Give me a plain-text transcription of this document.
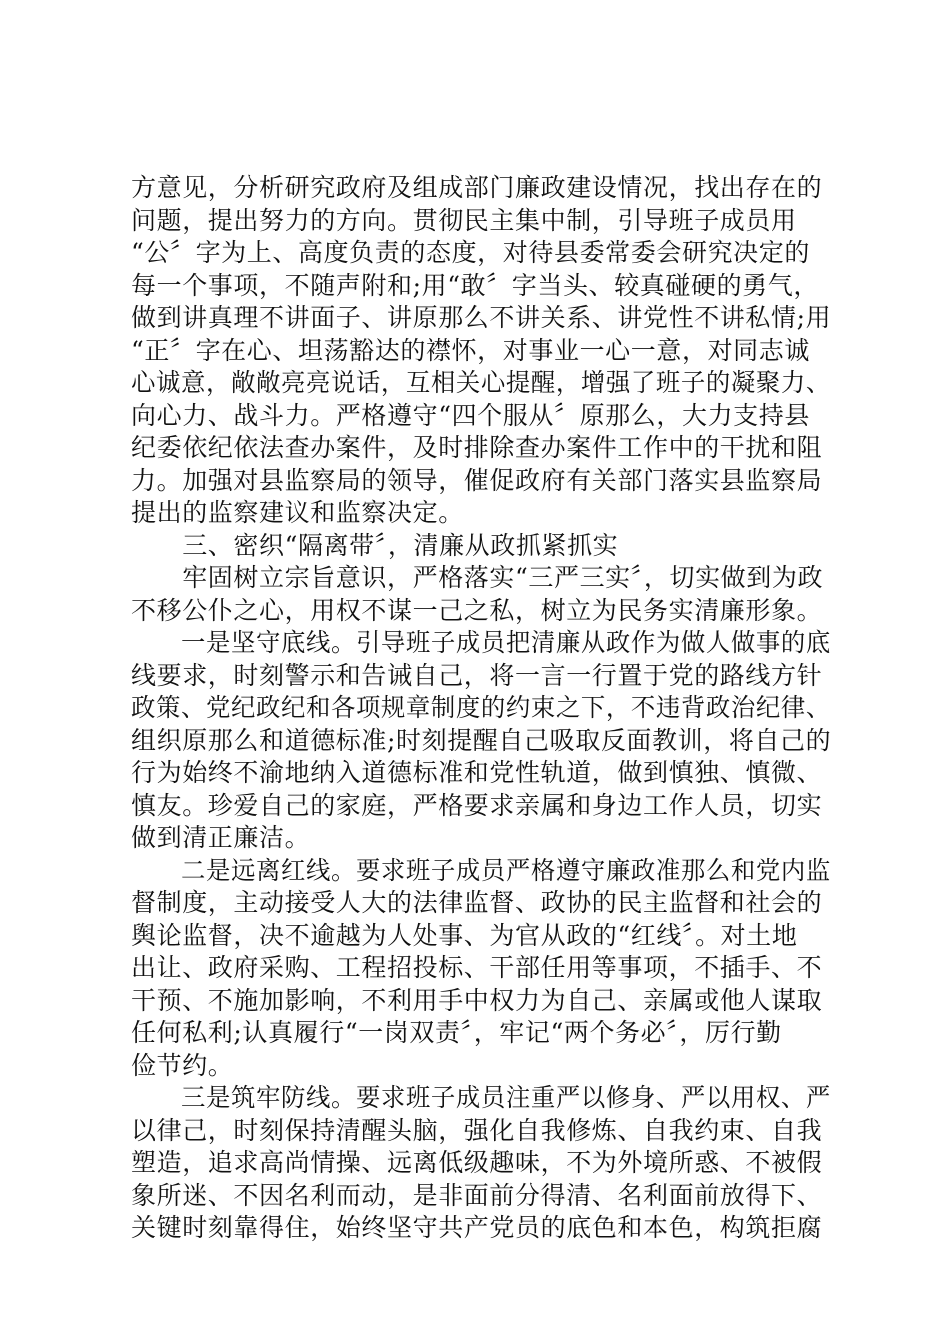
方意见，分析研究政府及组成部门廉政建设情况，找出存在的
问题，提出努力的方向。贯彻民主集中制，引导班子成员用
“公〞字为上、高度负责的态度，对待县委常委会研究决定的
每一个事项，不随声附和;用“敢〞字当头、较真碰硬的勇气，
做到讲真理不讲面子、讲原那么不讲关系、讲党性不讲私情;用
“正〞字在心、坦荡豁达的襟怀，对事业一心一意，对同志诚
心诚意，敞敞亮亮说话，互相关心提醒，增强了班子的凝聚力、
向心力、战斗力。严格遵守“四个服从〞原那么，大力支持县
纪委依纪依法查办案件，及时排除查办案件工作中的干扰和阻
力。加强对县监察局的领导，催促政府有关部门落实县监察局
提出的监察建议和监察决定。
　　三、密织“隔离带〞，清廉从政抓紧抓实
　　牢固树立宗旨意识，严格落实“三严三实〞，切实做到为政
不移公仆之心，用权不谋一己之私，树立为民务实清廉形象。
　　一是坚守底线。引导班子成员把清廉从政作为做人做事的底
线要求，时刻警示和告诫自己，将一言一行置于党的路线方针
政策、党纪政纪和各项规章制度的约束之下，不违背政治纪律、
组织原那么和道德标准;时刻提醒自己吸取反面教训，将自己的
行为始终不渝地纳入道德标准和党性轨道，做到慎独、慎微、
慎友。珍爱自己的家庭，严格要求亲属和身边工作人员，切实
做到清正廉洁。
　　二是远离红线。要求班子成员严格遵守廉政准那么和党内监
督制度，主动接受人大的法律监督、政协的民主监督和社会的
舆论监督，决不逾越为人处事、为官从政的“红线〞。对土地
出让、政府采购、工程招投标、干部任用等事项，不插手、不
干预、不施加影响，不利用手中权力为自己、亲属或他人谋取
任何私利;认真履行“一岗双责〞，牢记“两个务必〞，厉行勤
俭节约。
　　三是筑牢防线。要求班子成员注重严以修身、严以用权、严
以律己，时刻保持清醒头脑，强化自我修炼、自我约束、自我
塑造，追求高尚情操、远离低级趣味，不为外境所惑、不被假
象所迷、不因名利而动，是非面前分得清、名利面前放得下、
关键时刻靠得住，始终坚守共产党员的底色和本色，构筑拒腐
